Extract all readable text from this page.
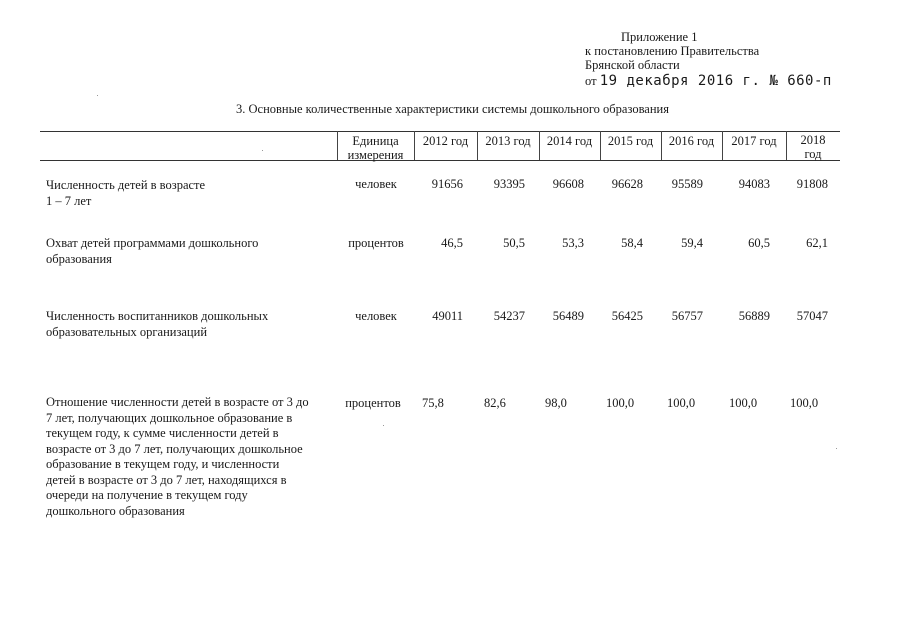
Приложение 1
к постановлению Правительства
Брянской области
от 19 декабря 2016 г. № 660-п
3. Основные количественные характеристики системы дошкольного образования
Единица
измерения
2012 год	2013 год	2014 год	2015 год	2016 год	2017 год	2018
год
Численность детей в возрасте
1 – 7 лет
человек	91656	93395	96608	96628	95589	94083	91808
Охват детей программами дошкольного
образования
процентов	46,5	50,5	53,3	58,4	59,4	60,5	62,1
Численность воспитанников дошкольных
образовательных организаций
человек	49011	54237	56489	56425	56757	56889	57047
Отношение численности детей в возрасте от 3 до
7 лет, получающих дошкольное образование в
текущем году, к сумме численности детей в
возрасте от 3 до 7 лет, получающих дошкольное
образование в текущем году, и численности
детей в возрасте от 3 до 7 лет, находящихся в
очереди на получение в текущем году
дошкольного образования
процентов	75,8	82,6	98,0	100,0	100,0	100,0	100,0
